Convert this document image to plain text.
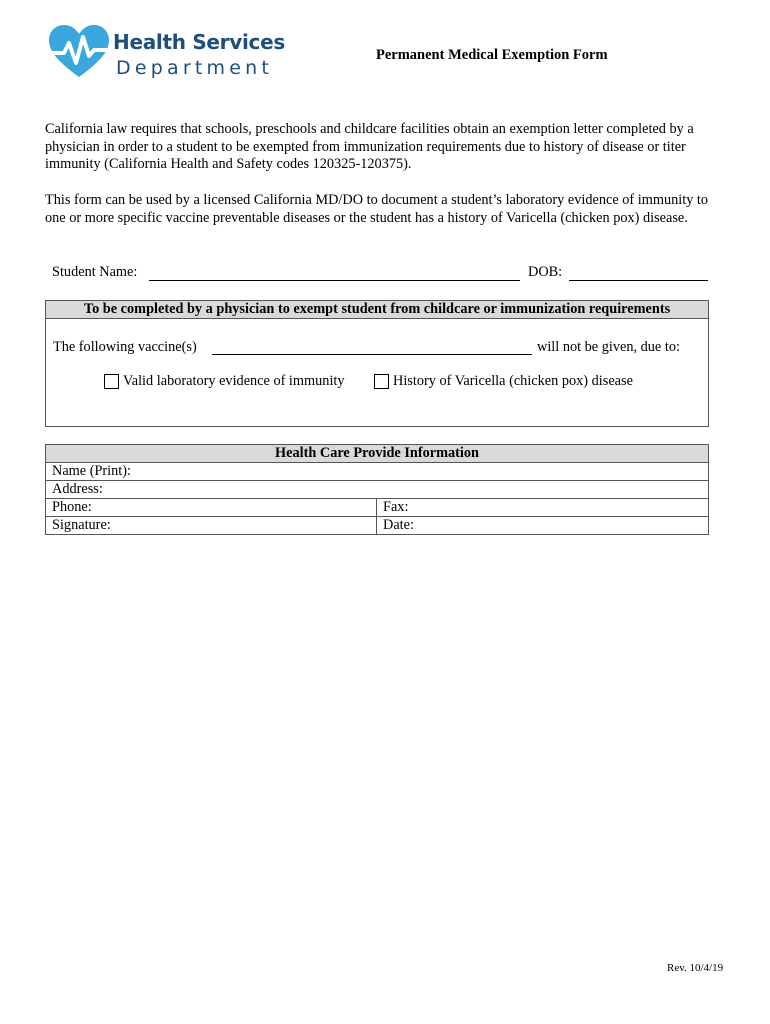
Health Services
Department
Permanent Medical Exemption Form
California law requires that schools, preschools and childcare facilities obtain an exemption letter completed by a physician in order to a student to be exempted from immunization requirements due to history of disease or titer immunity (California Health and Safety codes 120325-120375).
This form can be used by a licensed California MD/DO to document a student’s laboratory evidence of immunity to one or more specific vaccine preventable diseases or the student has a history of Varicella (chicken pox) disease.
Student Name:	DOB:
To be completed by a physician to exempt student from childcare or immunization requirements
The following vaccine(s)	will not be given, due to:
Valid laboratory evidence of immunity	History of Varicella (chicken pox) disease
Health Care Provide Information	
Name (Print):	
Address:	
Phone:	Fax:
Signature:	Date:
Rev. 10/4/19
